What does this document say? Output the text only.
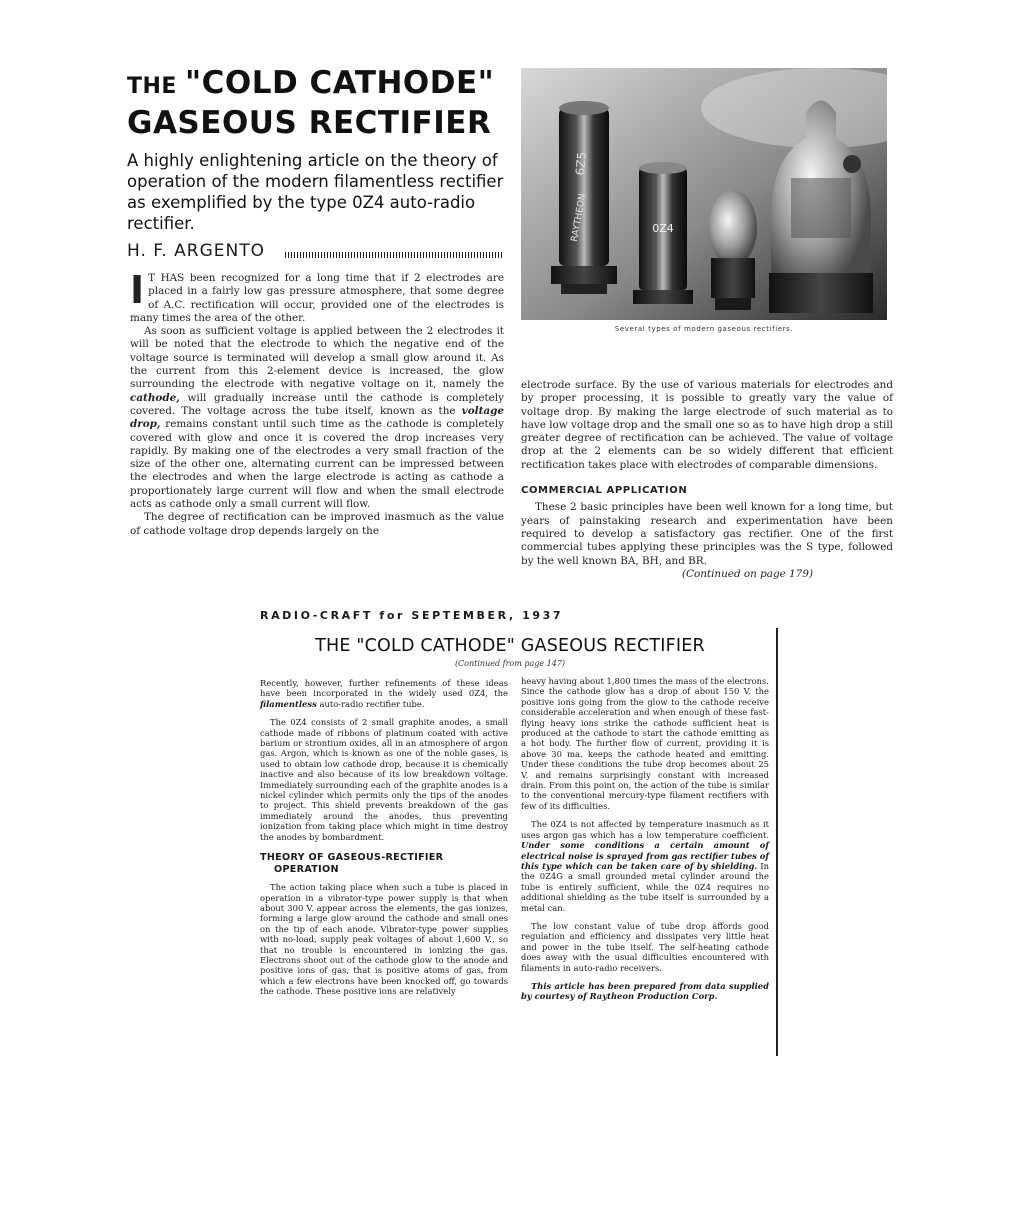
THE "COLD CATHODE"
GASEOUS RECTIFIER
A highly enlightening article on the theory of operation of the modern filamentless rectifier as exemplified by the type 0Z4 auto-radio rectifier.
H. F. ARGENTO

I T HAS been recognized for a long time that if 2 electrodes are placed in a fairly low gas pressure atmosphere, that some degree of A.C. rectification will occur, provided one of the electrodes is many times the area of the other.

As soon as sufficient voltage is applied between the 2 electrodes it will be noted that the electrode to which the negative end of the voltage source is terminated will develop a small glow around it. As the current from this 2-element device is increased, the glow surrounding the electrode with negative voltage on it, namely the cathode, will gradually increase until the cathode is completely covered. The voltage across the tube itself, known as the voltage drop, remains constant until such time as the cathode is completely covered with glow and once it is covered the drop increases very rapidly. By making one of the electrodes a very small fraction of the size of the other one, alternating current can be impressed between the electrodes and when the large electrode is acting as cathode a proportionately large current will flow and when the small electrode acts as cathode only a small current will flow.

The degree of rectification can be improved inasmuch as the value of cathode voltage drop depends largely on the

6Z5
RAYTHEON	0Z4
Several types of modern gaseous rectifiers.

electrode surface. By the use of various materials for electrodes and by proper processing, it is possible to greatly vary the value of voltage drop. By making the large electrode of such material as to have low voltage drop and the small one so as to have high drop a still greater degree of rectification can be achieved. The value of voltage drop at the 2 elements can be so widely different that efficient rectification takes place with electrodes of comparable dimensions.

COMMERCIAL APPLICATION

These 2 basic principles have been well known for a long time, but years of painstaking research and experimentation have been required to develop a satisfactory gas rectifier. One of the first commercial tubes applying these principles was the S type, followed by the well known BA, BH, and BR.

(Continued on page 179)

RADIO-CRAFT for SEPTEMBER, 1937
THE "COLD CATHODE" GASEOUS RECTIFIER
(Continued from page 147)

Recently, however, further refinements of these ideas have been incorporated in the widely used 0Z4, the filamentless auto-radio rectifier tube.

The 0Z4 consists of 2 small graphite anodes, a small cathode made of ribbons of platinum coated with active barium or strontium oxides, all in an atmosphere of argon gas. Argon, which is known as one of the noble gases, is used to obtain low cathode drop, because it is chemically inactive and also because of its low breakdown voltage. Immediately surrounding each of the graphite anodes is a nickel cylinder which permits only the tips of the anodes to project. This shield prevents breakdown of the gas immediately around the anodes, thus preventing ionization from taking place which might in time destroy the anodes by bombardment.

THEORY OF GASEOUS-RECTIFIER
OPERATION

The action taking place when such a tube is placed in operation in a vibrator-type power supply is that when about 300 V. appear across the elements, the gas ionizes, forming a large glow around the cathode and small ones on the tip of each anode. Vibrator-type power supplies with no-load, supply peak voltages of about 1,600 V., so that no trouble is encountered in ionizing the gas. Electrons shoot out of the cathode glow to the anode and positive ions of gas, that is positive atoms of gas, from which a few electrons have been knocked off, go towards the cathode. These positive ions are relatively

heavy having about 1,800 times the mass of the electrons. Since the cathode glow has a drop of about 150 V. the positive ions going from the glow to the cathode receive considerable acceleration and when enough of these fast-flying heavy ions strike the cathode sufficient heat is produced at the cathode to start the cathode emitting as a hot body. The further flow of current, providing it is above 30 ma. keeps the cathode heated and emitting. Under these conditions the tube drop becomes about 25 V. and remains surprisingly constant with increased drain. From this point on, the action of the tube is similar to the conventional mercury-type filament rectifiers with few of its difficulties.

The 0Z4 is not affected by temperature inasmuch as it uses argon gas which has a low temperature coefficient. Under some conditions a certain amount of electrical noise is sprayed from gas rectifier tubes of this type which can be taken care of by shielding. In the 0Z4G a small grounded metal cylinder around the tube is entirely sufficient, while the 0Z4 requires no additional shielding as the tube itself is surrounded by a metal can.

The low constant value of tube drop affords good regulation and efficiency and dissipates very little heat and power in the tube itself. The self-heating cathode does away with the usual difficulties encountered with filaments in auto-radio receivers.

This article has been prepared from data supplied by courtesy of Raytheon Production Corp.
